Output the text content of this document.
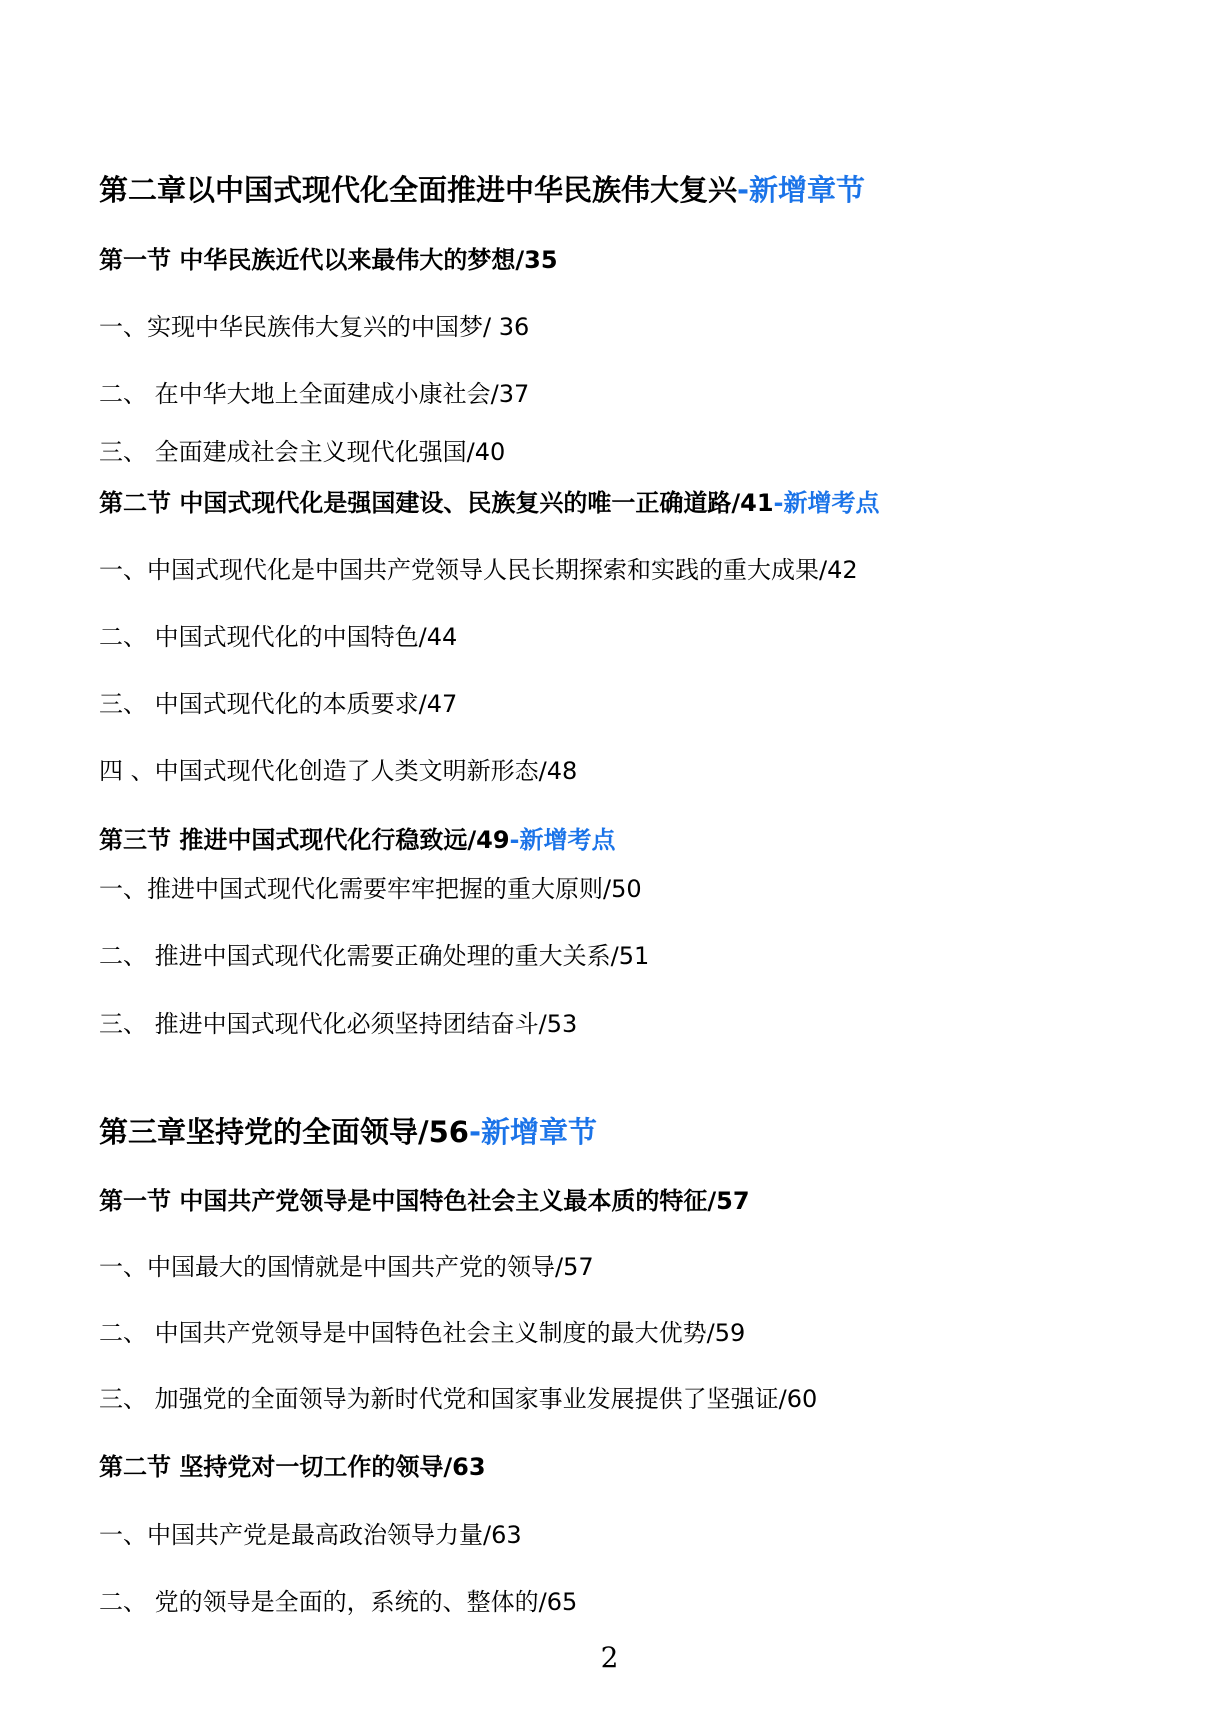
第二章以中国式现代化全面推进中华民族伟大复兴-新增章节
第一节 中华民族近代以来最伟大的梦想/35
一、实现中华民族伟大复兴的中国梦/ 36
二、 在中华大地上全面建成小康社会/37
三、 全面建成社会主义现代化强国/40
第二节 中国式现代化是强国建设、民族复兴的唯一正确道路/41-新增考点
一、中国式现代化是中国共产党领导人民长期探索和实践的重大成果/42
二、 中国式现代化的中国特色/44
三、 中国式现代化的本质要求/47
四 、中国式现代化创造了人类文明新形态/48
第三节 推进中国式现代化行稳致远/49-新增考点
一、推进中国式现代化需要牢牢把握的重大原则/50
二、 推进中国式现代化需要正确处理的重大关系/51
三、 推进中国式现代化必须坚持团结奋斗/53
第三章坚持党的全面领导/56-新增章节
第一节 中国共产党领导是中国特色社会主义最本质的特征/57
一、中国最大的国情就是中国共产党的领导/57
二、 中国共产党领导是中国特色社会主义制度的最大优势/59
三、 加强党的全面领导为新时代党和国家事业发展提供了坚强证/60
第二节 坚持党对一切工作的领导/63
一、中国共产党是最高政治领导力量/63
二、 党的领导是全面的，系统的、整体的/65
2
